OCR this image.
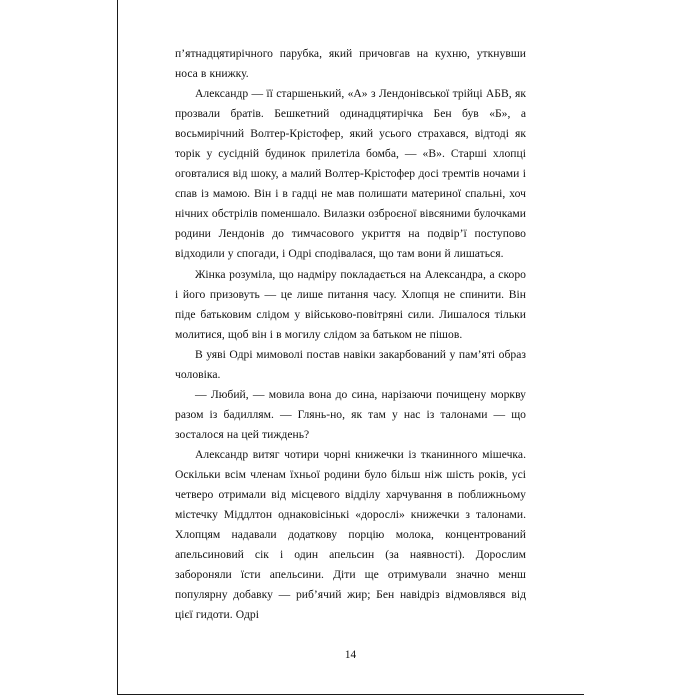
п’ятнадцятирічного парубка, який причовгав на кухню, уткнувши носа в книжку.

Александр — її старшенький, «А» з Лендонівської трійці АБВ, як прозвали братів. Бешкетний одинадцятирічка Бен був «Б», а восьмирічний Волтер-Крістофер, який усього страхався, відтоді як торік у сусідній будинок прилетіла бомба, — «В». Старші хлопці оговталися від шоку, а малий Волтер-Крістофер досі тремтів ночами і спав із мамою. Він і в гадці не мав полишати материної спальні, хоч нічних обстрілів поменшало. Вилазки озброєної вівсяними булочками родини Лендонів до тимчасового укриття на подвір’ї поступово відходили у спогади, і Одрі сподівалася, що там вони й лишаться.

Жінка розуміла, що надміру покладається на Александра, а скоро і його призовуть — це лише питання часу. Хлопця не спинити. Він піде батьковим слідом у військово-повітряні сили. Лишалося тільки молитися, щоб він і в могилу слідом за батьком не пішов.

В уяві Одрі мимоволі постав навіки закарбований у пам’яті образ чоловіка.

— Любий, — мовила вона до сина, нарізаючи почищену моркву разом із бадиллям. — Глянь-но, як там у нас із талонами — що зосталося на цей тиждень?

Александр витяг чотири чорні книжечки із тканинного мішечка. Оскільки всім членам їхньої родини було більш ніж шість років, усі четверо отримали від місцевого відділу харчування в поближньому містечку Міддлтон однаковісінькі «дорослі» книжечки з талонами. Хлопцям надавали додаткову порцію молока, концентрований апельсиновий сік і один апельсин (за наявності). Дорослим забороняли їсти апельсини. Діти ще отримували значно менш популярну добавку — риб’ячий жир; Бен навідріз відмовлявся від цієї гидоти. Одрі

14
